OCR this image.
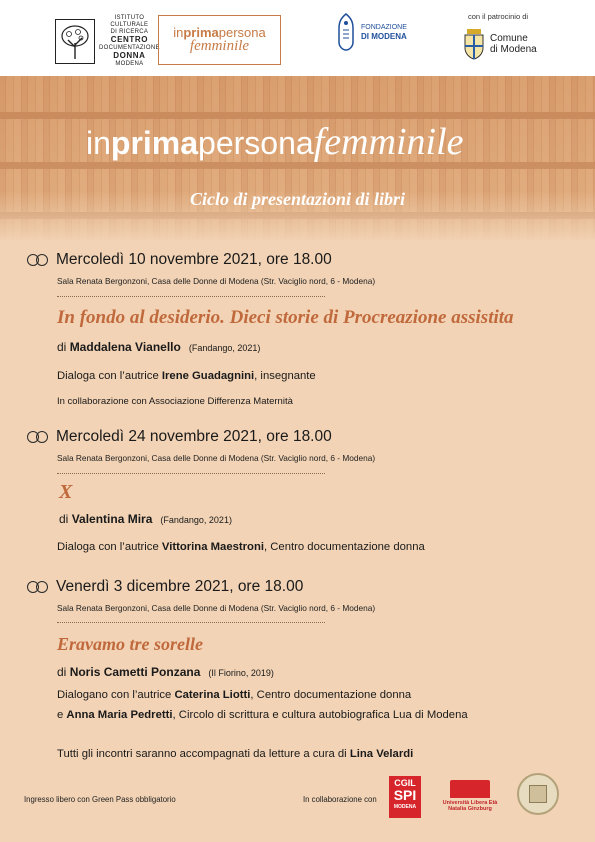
ISTITUTO
CULTURALE
DI RICERCA
CENTRO
DOCUMENTAZIONE
DONNA
MODENA
inprimapersona
femminile
FONDAZIONE
DI MODENA
con il patrocinio di
Comune
di Modena
inprimapersonafemminile
Ciclo di presentazioni di libri
Mercoledì 10 novembre 2021, ore 18.00
Sala Renata Bergonzoni, Casa delle Donne di Modena (Str. Vaciglio nord, 6 - Modena)
In fondo al desiderio. Dieci storie di Procreazione assistita
di Maddalena Vianello (Fandango, 2021)
Dialoga con l’autrice Irene Guadagnini, insegnante
In collaborazione con Associazione Differenza Maternità
Mercoledì 24 novembre 2021, ore 18.00
Sala Renata Bergonzoni, Casa delle Donne di Modena (Str. Vaciglio nord, 6 - Modena)
X
di Valentina Mira (Fandango, 2021)
Dialoga con l’autrice Vittorina Maestroni, Centro documentazione donna
Venerdì 3 dicembre 2021, ore 18.00
Sala Renata Bergonzoni, Casa delle Donne di Modena (Str. Vaciglio nord, 6 - Modena)
Eravamo tre sorelle
di Noris Cametti Ponzana (Il Fiorino, 2019)
Dialogano con l’autrice Caterina Liotti, Centro documentazione donna
e Anna Maria Pedretti, Circolo di scrittura e cultura autobiografica Lua di Modena
Tutti gli incontri saranno accompagnati da letture a cura di Lina Velardi
Ingresso libero con Green Pass obbligatorio	In collaborazione con
CGIL
SPI
MODENA
Università Libera Età
Natalia Ginzburg
